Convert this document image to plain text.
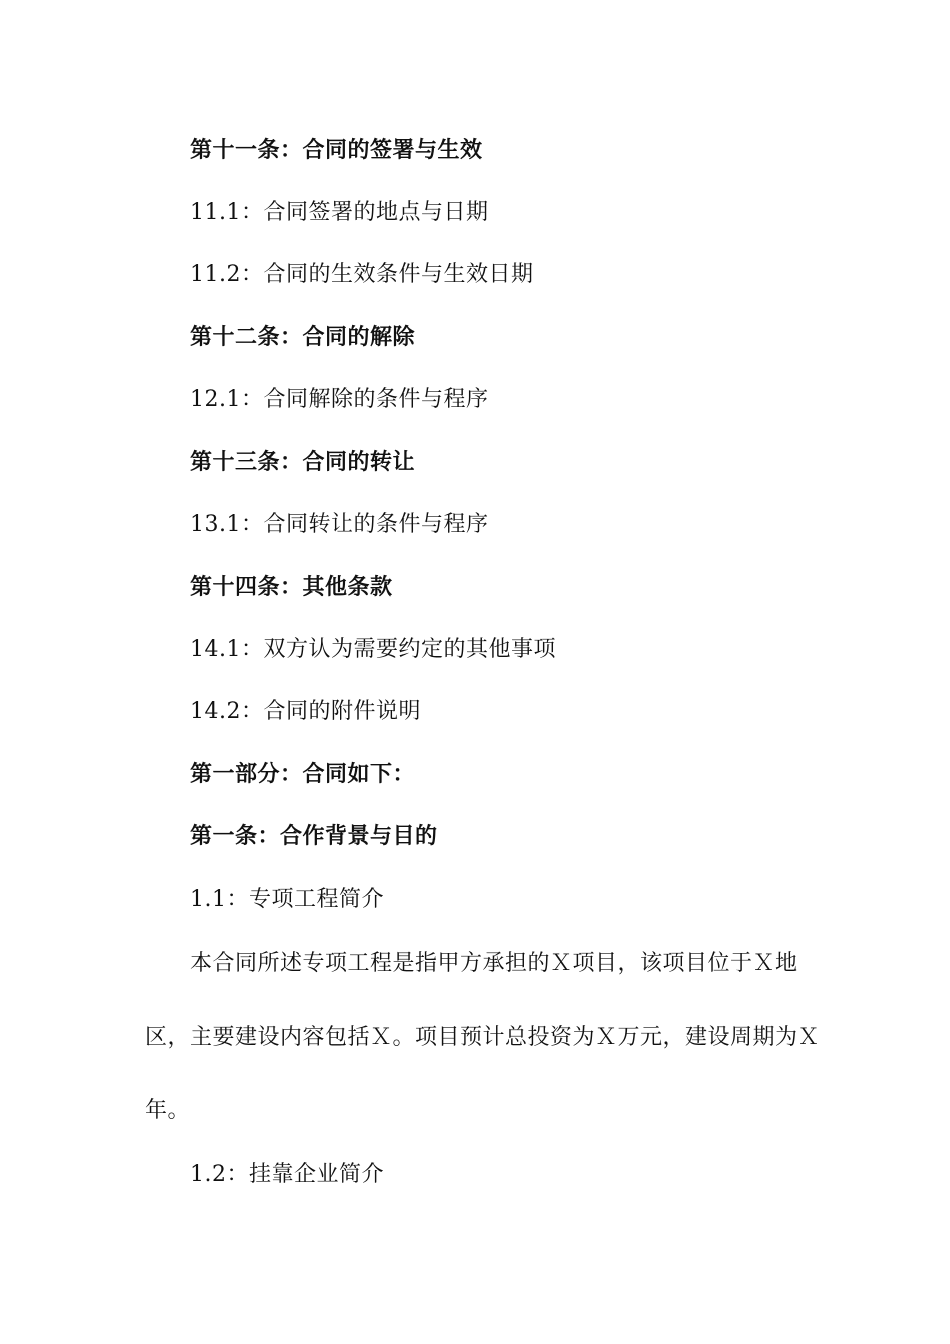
第十一条：合同的签署与生效
11.1：合同签署的地点与日期
11.2：合同的生效条件与生效日期
第十二条：合同的解除
12.1：合同解除的条件与程序
第十三条：合同的转让
13.1：合同转让的条件与程序
第十四条：其他条款
14.1：双方认为需要约定的其他事项
14.2：合同的附件说明
第一部分：合同如下：
第一条：合作背景与目的
1.1：专项工程简介
本合同所述专项工程是指甲方承担的Ｘ项目，该项目位于Ｘ地
区，主要建设内容包括Ｘ。项目预计总投资为Ｘ万元，建设周期为Ｘ
年。
1.2：挂靠企业简介
